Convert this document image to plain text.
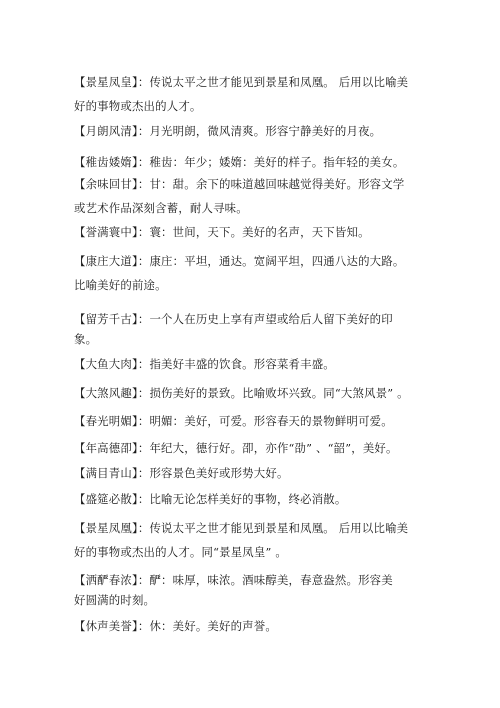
【景星凤皇】：传说太平之世才能见到景星和凤凰。 后用以比喻美
好的事物或杰出的人才。
【月朗风清】：月光明朗，微风清爽。形容宁静美好的月夜。
【稚齿婑媠】：稚齿：年少；婑媠：美好的样子。指年轻的美女。
【余味回甘】：甘：甜。余下的味道越回味越觉得美好。形容文学
或艺术作品深刻含蓄，耐人寻味。
【誉满寰中】：寰：世间，天下。美好的名声，天下皆知。
【康庄大道】：康庄：平坦，通达。宽阔平坦，四通八达的大路。
比喻美好的前途。
【留芳千古】：一个人在历史上享有声望或给后人留下美好的印
象。
【大鱼大肉】：指美好丰盛的饮食。形容菜肴丰盛。
【大煞风趣】：损伤美好的景致。比喻败坏兴致。同“大煞风景” 。
【春光明媚】：明媚：美好，可爱。形容春天的景物鲜明可爱。
【年高德卲】：年纪大，德行好。卲，亦作“劭” 、“韶”，美好。
【满目青山】：形容景色美好或形势大好。
【盛筵必散】：比喻无论怎样美好的事物，终必消散。
【景星凤凰】：传说太平之世才能见到景星和凤凰。 后用以比喻美
好的事物或杰出的人才。同“景星凤皇” 。
【洒酽春浓】：酽：味厚，味浓。酒味醇美，春意盎然。形容美
好圆满的时刻。
【休声美誉】：休：美好。美好的声誉。
